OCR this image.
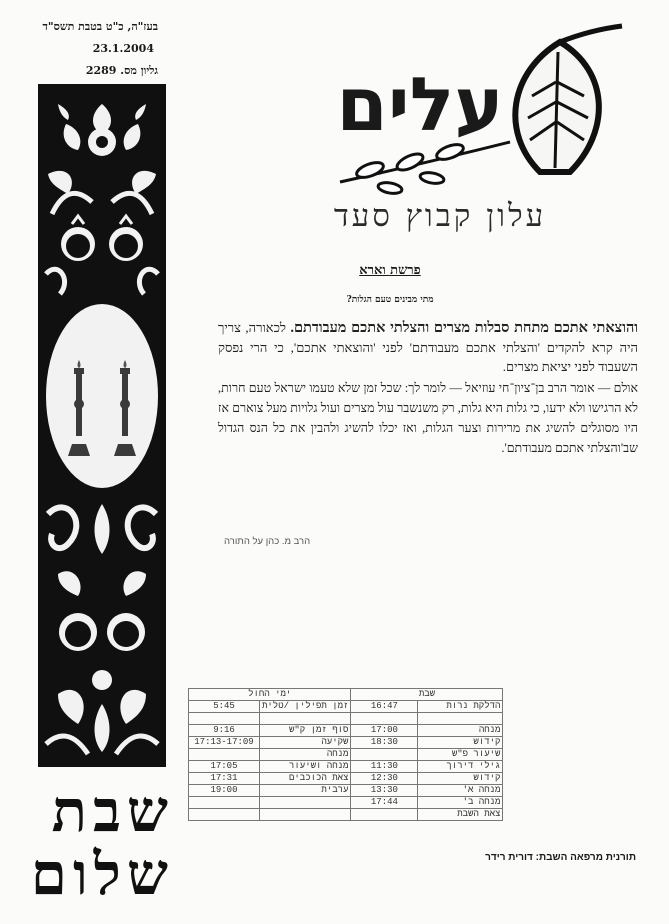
בעז"ה, כ"ט בטבת תשס"ד
23.1.2004
גליון מס. 2289 עלים
עלון קבוץ סעד
פרשת וארא
מתי מבינים טעם הגלות?

והוצאתי אתכם מתחת סבלות מצרים והצלתי אתכם מעבודתם. לכאורה, צריך היה קרא להקדים 'והצלתי אתכם מעבודתם' לפני 'והוצאתי אתכם', כי הרי נפסק השעבוד לפני יציאת מצרים.

אולם — אומר הרב בן־ציון־חי עוזיאל — לומר לך: שכל זמן שלא טעמו ישראל טעם חרות, לא הרגישו ולא ידעו, כי גלות היא גלות, רק משנשבר עול מצרים ועול גלויות מעל צוארם אז היו מסוגלים להשיג את מרירות וצער הגלות, ואז יכלו להשיג ולהבין את כל הנס הגדול שב'והצלתי אתכם מעבודתם'.

הרב מ. כהן על התורה
שבת		ימי החול	
הדלקת נרות	16:47	זמן תפילין /טלית	5:45

מנחה	17:00	סוף זמן ק"ש	9:16
קידוש	18:30	שקיעה	17:13-17:09
שיעור פ"ש		מנחה	
גילי דירוך	11:30	מנחה ושיעור	17:05
קידוש	12:30	צאת הכוכבים	17:31
מנחה א'	13:30	ערבית	19:00
מנחה ב'	17:44		
צאת השבת			
תורנית מרפאה השבת: דורית רידר
שבת
שלום
